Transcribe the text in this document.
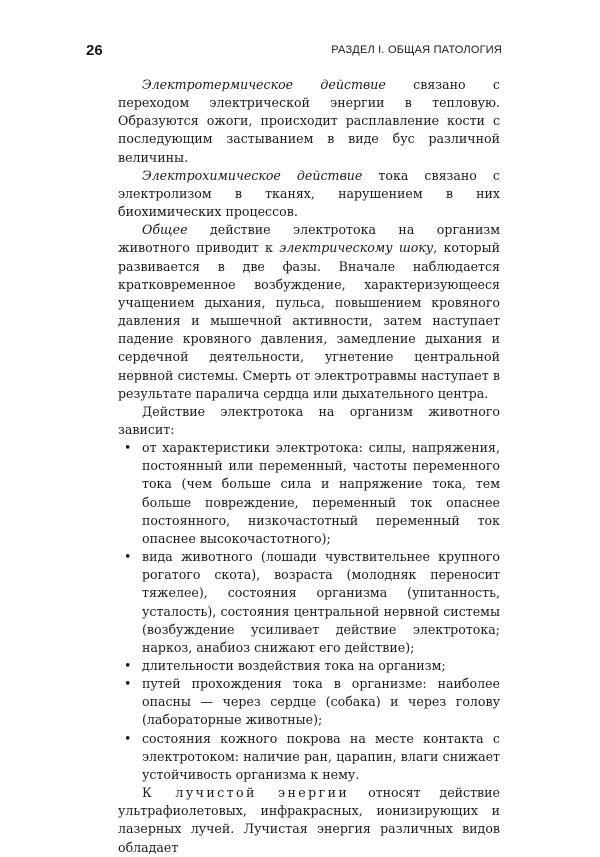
26	РАЗДЕЛ I. ОБЩАЯ ПАТОЛОГИЯ

Электротермическое действие связано с переходом электрической энергии в тепловую. Образуются ожоги, происходит расплавление кости с последующим застыванием в виде бус различной величины.

Электрохимическое действие тока связано с электролизом в тканях, нарушением в них биохимических процессов.

Общее действие электротока на организм животного приводит к электрическому шоку, который развивается в две фазы. Вначале наблюдается кратковременное возбуждение, характеризующееся учащением дыхания, пульса, повышением кровяного давления и мышечной активности, затем наступает падение кровяного давления, замедление дыхания и сердечной деятельности, угнетение центральной нервной системы. Смерть от электротравмы наступает в результате паралича сердца или дыхательного центра.

Действие электротока на организм животного зависит:

• от характеристики электротока: силы, напряжения, постоянный или переменный, частоты переменного тока (чем больше сила и напряжение тока, тем больше повреждение, переменный ток опаснее постоянного, низкочастотный переменный ток опаснее высокочастотного);
• вида животного (лошади чувствительнее крупного рогатого скота), возраста (молодняк переносит тяжелее), состояния организма (упитанность, усталость), состояния центральной нервной системы (возбуждение усиливает действие электротока; наркоз, анабиоз снижают его действие);
• длительности воздействия тока на организм;
• путей прохождения тока в организме: наиболее опасны — через сердце (собака) и через голову (лабораторные животные);
• состояния кожного покрова на месте контакта с электротоком: наличие ран, царапин, влаги снижает устойчивость организма к нему.

К лучистой энергии относят действие ультрафиолетовых, инфракрасных, ионизирующих и лазерных лучей. Лучистая энергия различных видов обладает
